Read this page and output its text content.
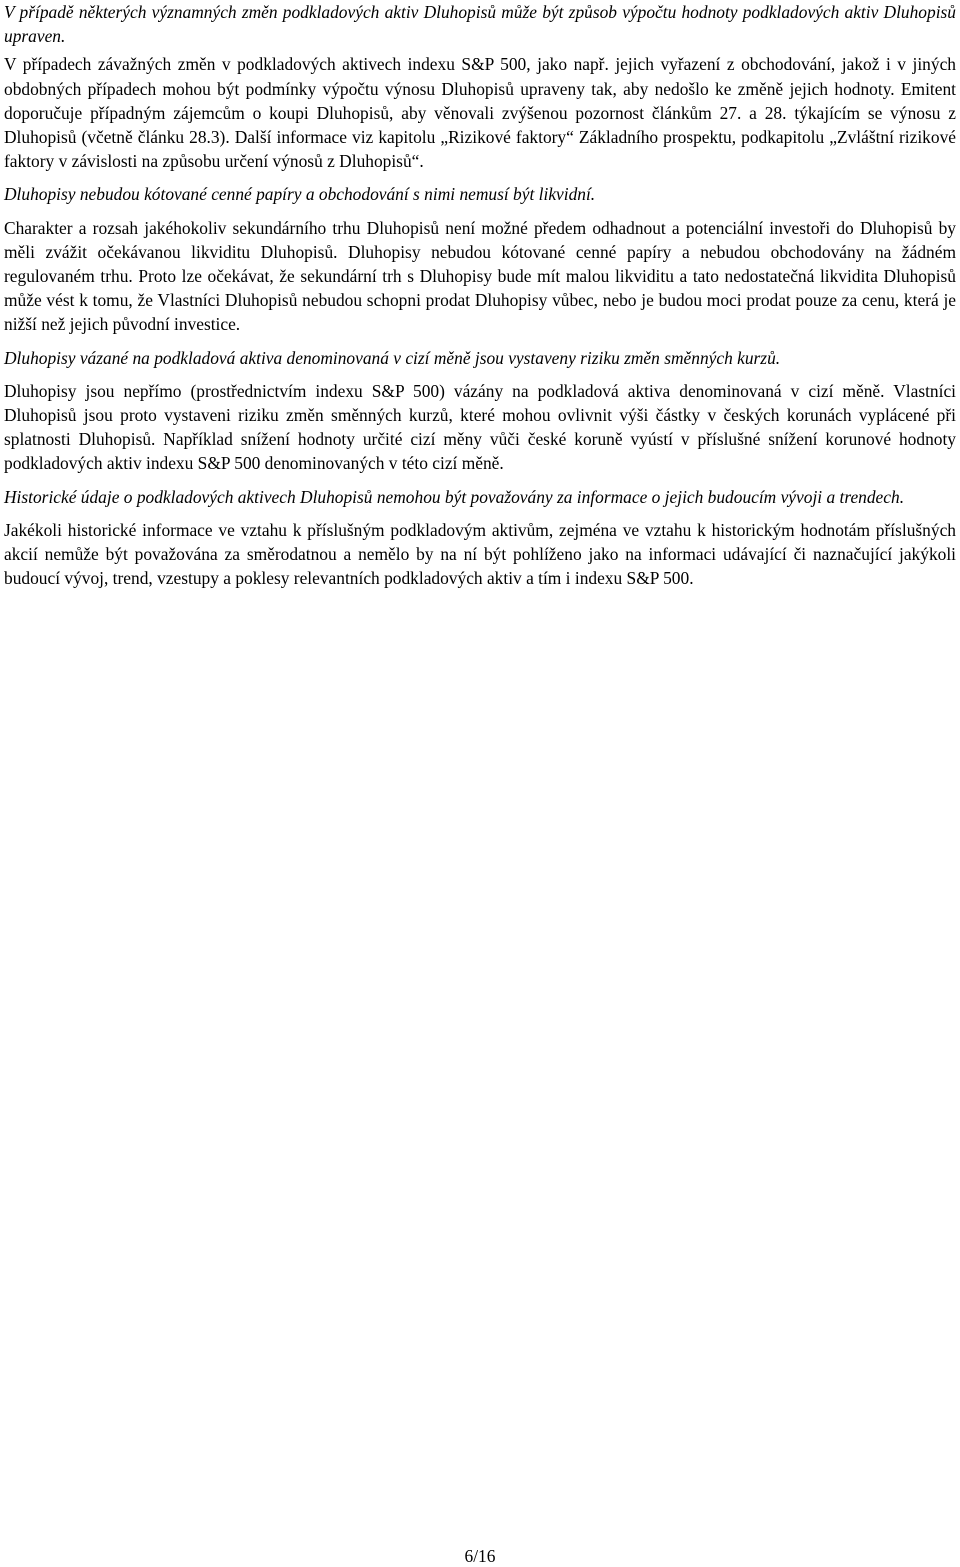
V případě některých významných změn podkladových aktiv Dluhopisů může být způsob výpočtu hodnoty podkladových aktiv Dluhopisů upraven.

V případech závažných změn v podkladových aktivech indexu S&P 500, jako např. jejich vyřazení z obchodování, jakož i v jiných obdobných případech mohou být podmínky výpočtu výnosu Dluhopisů upraveny tak, aby nedošlo ke změně jejich hodnoty. Emitent doporučuje případným zájemcům o koupi Dluhopisů, aby věnovali zvýšenou pozornost článkům 27. a 28. týkajícím se výnosu z Dluhopisů (včetně článku 28.3). Další informace viz kapitolu „Rizikové faktory“ Základního prospektu, podkapitolu „Zvláštní rizikové faktory v závislosti na způsobu určení výnosů z Dluhopisů“.

Dluhopisy nebudou kótované cenné papíry a obchodování s nimi nemusí být likvidní.

Charakter a rozsah jakéhokoliv sekundárního trhu Dluhopisů není možné předem odhadnout a potenciální investoři do Dluhopisů by měli zvážit očekávanou likviditu Dluhopisů. Dluhopisy nebudou kótované cenné papíry a nebudou obchodovány na žádném regulovaném trhu. Proto lze očekávat, že sekundární trh s Dluhopisy bude mít malou likviditu a tato nedostatečná likvidita Dluhopisů může vést k tomu, že Vlastníci Dluhopisů nebudou schopni prodat Dluhopisy vůbec, nebo je budou moci prodat pouze za cenu, která je nižší než jejich původní investice.

Dluhopisy vázané na podkladová aktiva denominovaná v cizí měně jsou vystaveny riziku změn směnných kurzů.

Dluhopisy jsou nepřímo (prostřednictvím indexu S&P 500) vázány na podkladová aktiva denominovaná v cizí měně. Vlastníci Dluhopisů jsou proto vystaveni riziku změn směnných kurzů, které mohou ovlivnit výši částky v českých korunách vyplácené při splatnosti Dluhopisů. Například snížení hodnoty určité cizí měny vůči české koruně vyústí v příslušné snížení korunové hodnoty podkladových aktiv indexu S&P 500 denominovaných v této cizí měně.

Historické údaje o podkladových aktivech Dluhopisů nemohou být považovány za informace o jejich budoucím vývoji a trendech.

Jakékoli historické informace ve vztahu k příslušným podkladovým aktivům, zejména ve vztahu k historickým hodnotám příslušných akcií nemůže být považována za směrodatnou a nemělo by na ní být pohlíženo jako na informaci udávající či naznačující jakýkoli budoucí vývoj, trend, vzestupy a poklesy relevantních podkladových aktiv a tím i indexu S&P 500.

6/16
